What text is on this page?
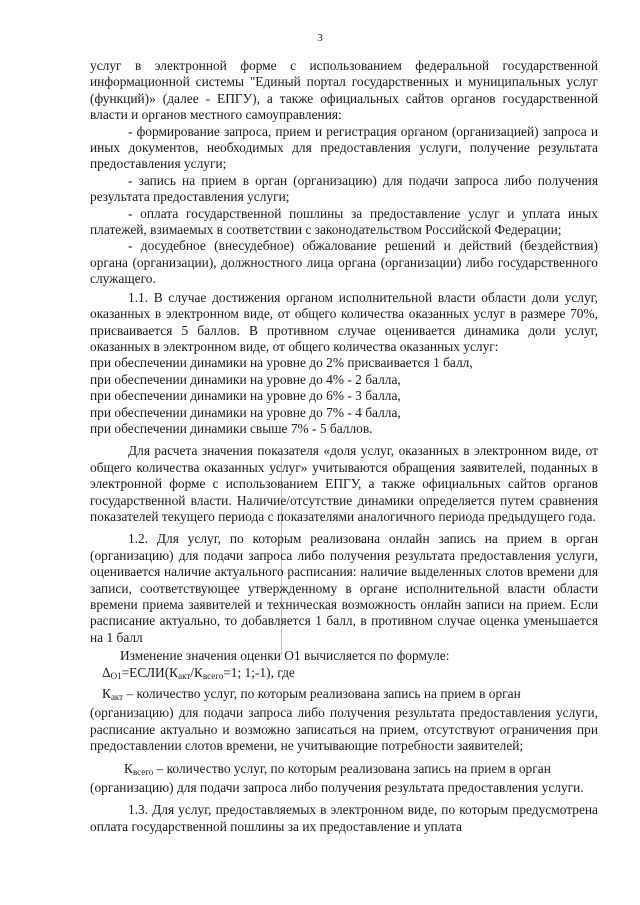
3

услуг в электронной форме с использованием федеральной государственной информационной системы "Единый портал государственных и муниципальных услуг (функций)» (далее - ЕПГУ), а также официальных сайтов органов государственной власти и органов местного самоуправления:

- формирование запроса, прием и регистрация органом (организацией) запроса и иных документов, необходимых для предоставления услуги, получение результата предоставления услуги;

- запись на прием в орган (организацию) для подачи запроса либо получения результата предоставления услуги;

- оплата государственной пошлины за предоставление услуг и уплата иных платежей, взимаемых в соответствии с законодательством Российской Федерации;

- досудебное (внесудебное) обжалование решений и действий (бездействия) органа (организации), должностного лица органа (организации) либо государственного служащего.

1.1. В случае достижения органом исполнительной власти области доли услуг, оказанных в электронном виде, от общего количества оказанных услуг в размере 70%, присваивается 5 баллов. В противном случае оценивается динамика доли услуг, оказанных в электронном виде, от общего количества оказанных услуг:

при обеспечении динамики на уровне до 2% присваивается 1 балл,

при обеспечении динамики на уровне до 4% - 2 балла,

при обеспечении динамики на уровне до 6% - 3 балла,

при обеспечении динамики на уровне до 7% - 4 балла,

при обеспечении динамики свыше 7% - 5 баллов.

Для расчета значения показателя «доля услуг, оказанных в электронном виде, от общего количества оказанных услуг» учитываются обращения заявителей, поданных в электронной форме с использованием ЕПГУ, а также официальных сайтов органов государственной власти. Наличие/отсутствие динамики определяется путем сравнения показателей текущего периода с показателями аналогичного периода предыдущего года.

1.2. Для услуг, по которым реализована онлайн запись на прием в орган (организацию) для подачи запроса либо получения результата предоставления услуги, оценивается наличие актуального расписания: наличие выделенных слотов времени для записи, соответствующее утвержденному в органе исполнительной власти области времени приема заявителей и техническая возможность онлайн записи на прием. Если расписание актуально, то добавляется 1 балл, в противном случае оценка уменьшается на 1 балл

Изменение значения оценки О1 вычисляется по формуле:

$\Delta_{O1}=ЕСЛИ(К_{акт}/К_{всего}=1$; 1;-1), где

$К_{акт}$ – количество услуг, по которым реализована запись на прием в орган

(организацию) для подачи запроса либо получения результата предоставления услуги, расписание актуально и возможно записаться на прием, отсутствуют ограничения при предоставлении слотов времени, не учитывающие потребности заявителей;

$К_{всего}$ – количество услуг, по которым реализована запись на прием в орган

(организацию) для подачи запроса либо получения результата предоставления услуги.

1.3. Для услуг, предоставляемых в электронном виде, по которым предусмотрена оплата государственной пошлины за их предоставление и уплата
